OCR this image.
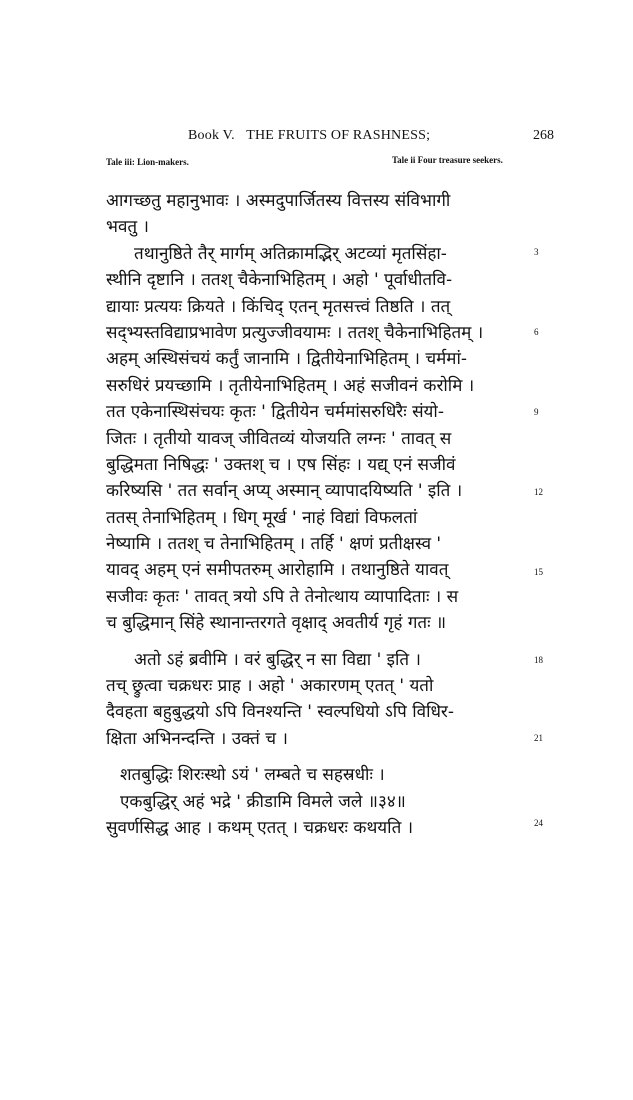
Book V. THE FRUITS OF RASHNESS;	268
Tale iii: Lion-makers.	Tale ii Four treasure seekers.
आगच्छतु महानुभावः । अस्मदुपार्जितस्य वित्तस्य संविभागी
भवतु ।
तथानुष्ठिते तैर् मार्गम् अतिक्रामद्भिर् अटव्यां मृतसिंहा-
स्थीनि दृष्टानि । ततश् चैकेनाभिहितम् । अहो ' पूर्वाधीतवि-
द्यायाः प्रत्ययः क्रियते । किंचिद् एतन् मृतसत्त्वं तिष्ठति । तत्
सद्भ्यस्तविद्याप्रभावेण प्रत्युज्जीवयामः । ततश् चैकेनाभिहितम् ।
अहम् अस्थिसंचयं कर्तुं जानामि । द्वितीयेनाभिहितम् । चर्ममां-
सरुधिरं प्रयच्छामि । तृतीयेनाभिहितम् । अहं सजीवनं करोमि ।
तत एकेनास्थिसंचयः कृतः ' द्वितीयेन चर्ममांसरुधिरैः संयो-
जितः । तृतीयो यावज् जीवितव्यं योजयति लग्नः ' तावत् स
बुद्धिमता निषिद्धः ' उक्तश् च । एष सिंहः । यद्य् एनं सजीवं
करिष्यसि ' तत सर्वान् अप्य् अस्मान् व्यापादयिष्यति ' इति ।
ततस् तेनाभिहितम् । धिग् मूर्ख ' नाहं विद्यां विफलतां
नेष्यामि । ततश् च तेनाभिहितम् । तर्हि ' क्षणं प्रतीक्षस्व '
यावद् अहम् एनं समीपतरुम् आरोहामि । तथानुष्ठिते यावत्
सजीवः कृतः ' तावत् त्रयो ऽपि ते तेनोत्थाय व्यापादिताः । स
च बुद्धिमान् सिंहे स्थानान्तरगते वृक्षाद् अवतीर्य गृहं गतः ॥
अतो ऽहं ब्रवीमि । वरं बुद्धिर् न सा विद्या ' इति ।
तच् छ्रुत्वा चक्रधरः प्राह । अहो ' अकारणम् एतत् ' यतो
दैवहता बहुबुद्धयो ऽपि विनश्यन्ति ' स्वल्पधियो ऽपि विधिर-
क्षिता अभिनन्दन्ति । उक्तं च ।
शतबुद्धिः शिरःस्थो ऽयं ' लम्बते च सहस्रधीः ।
एकबुद्धिर् अहं भद्रे ' क्रीडामि विमले जले ॥३४॥
सुवर्णसिद्ध आह । कथम् एतत् । चक्रधरः कथयति ।
3
6
9
12
15
18
21
24
